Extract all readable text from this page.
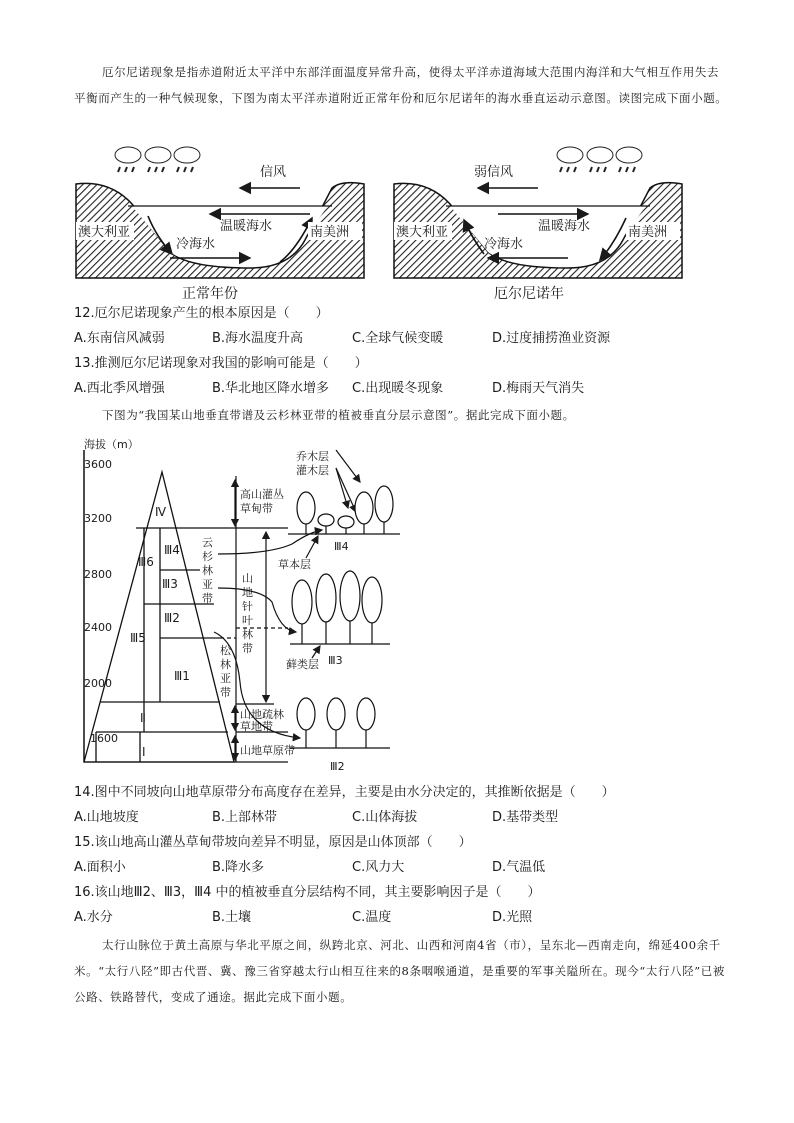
厄尔尼诺现象是指赤道附近太平洋中东部洋面温度异常升高，使得太平洋赤道海域大范围内海洋和大气相互作用失去平衡而产生的一种气候现象，下图为南太平洋赤道附近正常年份和厄尔尼诺年的海水垂直运动示意图。读图完成下面小题。
信风
温暖海水
冷海水
澳大利亚	南美洲
正常年份
弱信风
温暖海水
冷海水
澳大利亚	南美洲
厄尔尼诺年
12.厄尔尼诺现象产生的根本原因是（　　）
A.东南信风减弱	B.海水温度升高	C.全球气候变暖	D.过度捕捞渔业资源
13.推测厄尔尼诺现象对我国的影响可能是（　　）
A.西北季风增强	B.华北地区降水增多 C.出现暖冬现象	D.梅雨天气消失
下图为“我国某山地垂直带谱及云杉林亚带的植被垂直分层示意图”。据此完成下面小题。
海拔（m）
3600
3200
2800
2400
2000
1600
Ⅳ
Ⅲ6
Ⅲ4
Ⅲ3
Ⅲ2
Ⅲ5
Ⅲ1
Ⅱ
Ⅰ
高山灌丛
草甸带
云
杉
林
亚
带
山
地
针
叶
林
带
松
林
亚
带
山地疏林
草地带
山地草原带
乔木层
灌木层
草本层
Ⅲ4
藓类层 Ⅲ3
Ⅲ2
14.图中不同坡向山地草原带分布高度存在差异，主要是由水分决定的，其推断依据是（　　）
A.山地坡度	B.上部林带	C.山体海拔	D.基带类型
15.该山地高山灌丛草甸带坡向差异不明显，原因是山体顶部（　　）
A.面积小	B.降水多	C.风力大	D.气温低
16.该山地Ⅲ2、Ⅲ3，Ⅲ4 中的植被垂直分层结构不同，其主要影响因子是（　　）
A.水分	B.土壤	C.温度	D.光照
太行山脉位于黄土高原与华北平原之间，纵跨北京、河北、山西和河南4省（市），呈东北—西南走向，绵延400余千米。“太行八陉”即古代晋、冀、豫三省穿越太行山相互往来的8条咽喉通道，是重要的军事关隘所在。现今“太行八陉”已被公路、铁路替代，变成了通途。据此完成下面小题。
